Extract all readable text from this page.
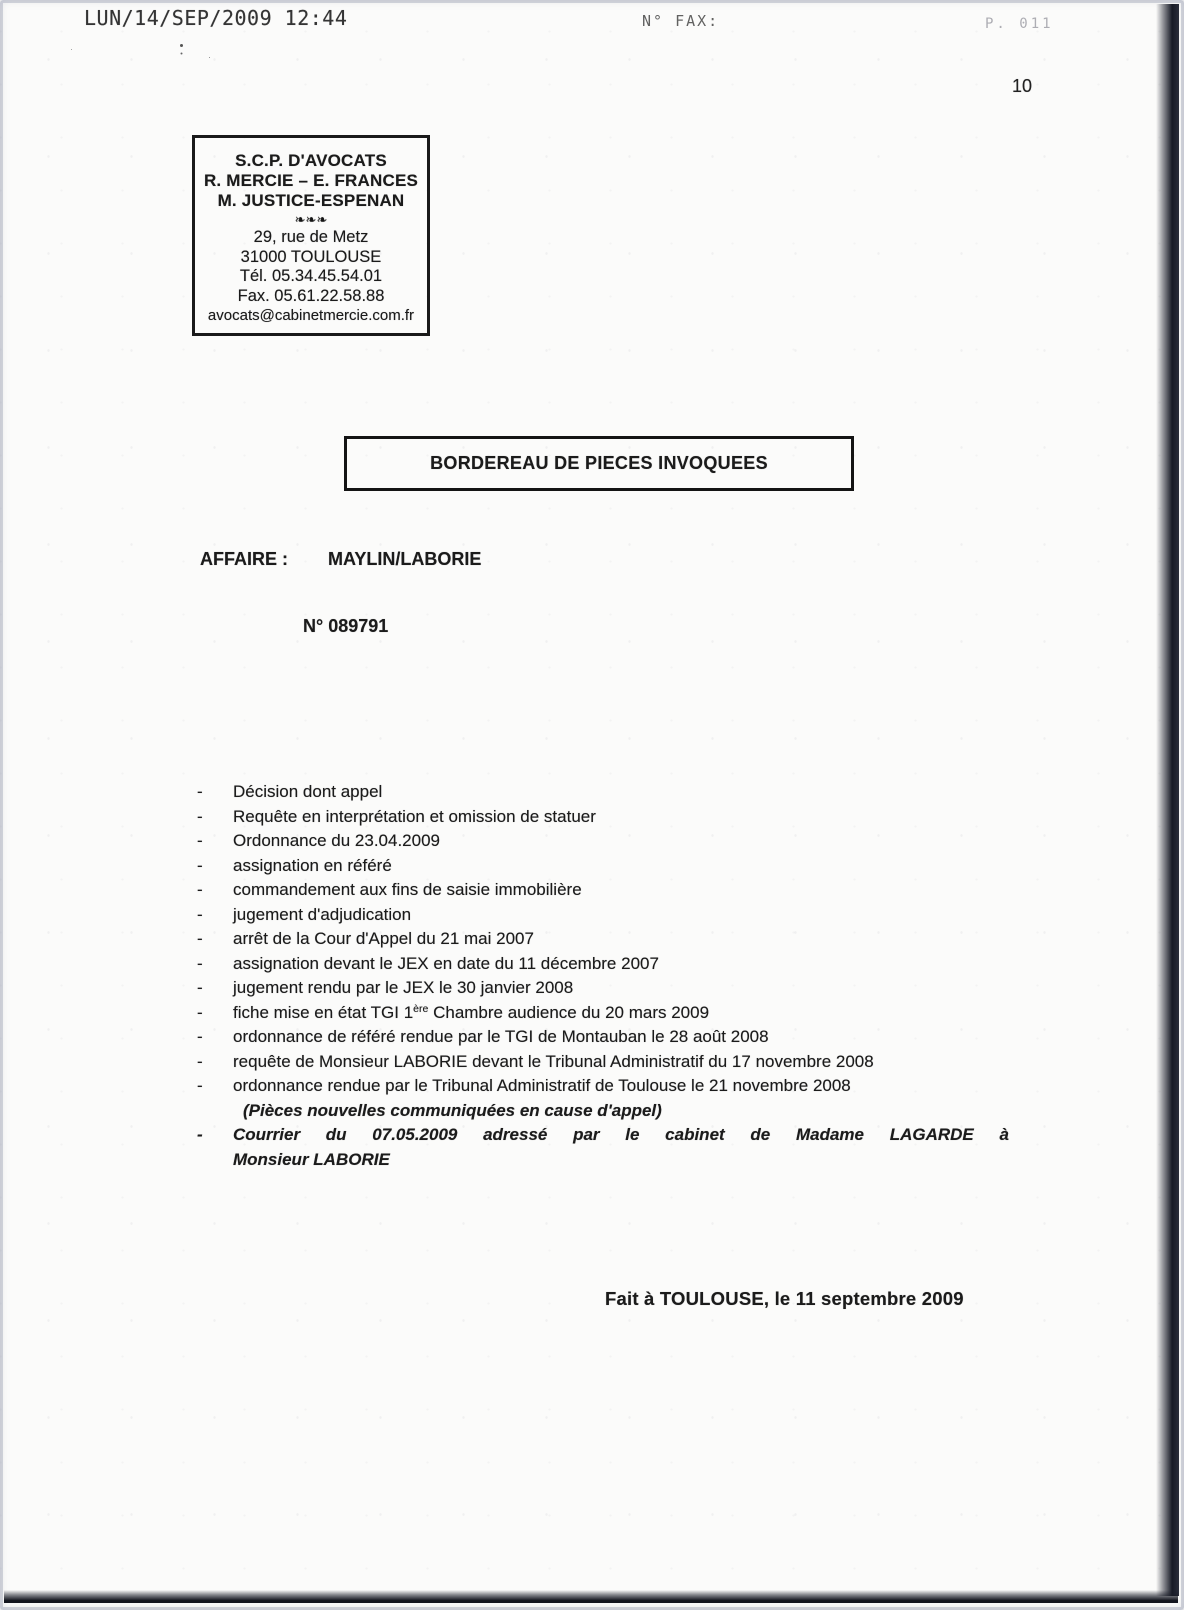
LUN/14/SEP/2009 12:44	N° FAX:	P. 011
10
S.C.P. D'AVOCATS
R. MERCIE – E. FRANCES
M. JUSTICE-ESPENAN
❧❧❧
29, rue de Metz
31000 TOULOUSE
Tél. 05.34.45.54.01
Fax. 05.61.22.58.88
avocats@cabinetmercie.com.fr
BORDEREAU DE PIECES INVOQUEES
AFFAIRE : MAYLIN/LABORIE
N° 089791
-	Décision dont appel
-	Requête en interprétation et omission de statuer
-	Ordonnance du 23.04.2009
-	assignation en référé
-	commandement aux fins de saisie immobilière
-	jugement d'adjudication
-	arrêt de la Cour d'Appel du 21 mai 2007
-	assignation devant le JEX en date du 11 décembre 2007
-	jugement rendu par le JEX le 30 janvier 2008
-	fiche mise en état TGI 1ère Chambre audience du 20 mars 2009
-	ordonnance de référé rendue par le TGI de Montauban le 28 août 2008
-	requête de Monsieur LABORIE devant le Tribunal Administratif du 17 novembre 2008
-	ordonnance rendue par le Tribunal Administratif de Toulouse le 21 novembre 2008
(Pièces nouvelles communiquées en cause d'appel)
-	Courrier du 07.05.2009 adressé par le cabinet de Madame LAGARDE à
Monsieur LABORIE
Fait à TOULOUSE, le 11 septembre 2009
